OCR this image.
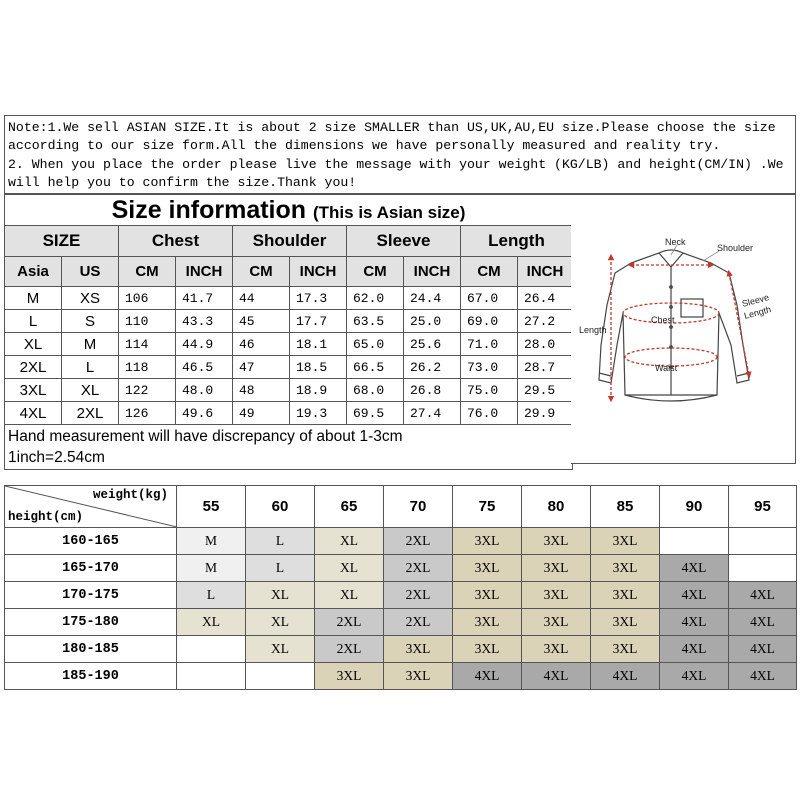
Note:1.We sell ASIAN SIZE.It is about 2 size SMALLER than US,UK,AU,EU size.Please choose the size
according to our size form.All the dimensions we have personally measured and reality try.
2. When you place the order please live the message with your weight (KG/LB) and height(CM/IN) .We
will help you to confirm the size.Thank you!
Size information (This is Asian size)									
SIZE		Chest		Shoulder		Sleeve		Length	
Asia	US	CM	INCH	CM	INCH	CM	INCH	CM	INCH
M	XS	106	41.7	44	17.3	62.0	24.4	67.0	26.4
L	S	110	43.3	45	17.7	63.5	25.0	69.0	27.2
XL	M	114	44.9	46	18.1	65.0	25.6	71.0	28.0
2XL	L	118	46.5	47	18.5	66.5	26.2	73.0	28.7
3XL	XL	122	48.0	48	18.9	68.0	26.8	75.0	29.5
4XL	2XL	126	49.6	49	19.3	69.5	27.4	76.0	29.9

Hand measurement will have discrepancy of about 1-3cm
1inch=2.54cm									
Neck
Shoulder
Sleeve
Length
Length
Chest
Waist
weight(kg)
height(cm)	55	60	65	70	75	80	85	90	95
160-165	M	L	XL	2XL	3XL	3XL	3XL		
165-170	M	L	XL	2XL	3XL	3XL	3XL	4XL	
170-175	L	XL	XL	2XL	3XL	3XL	3XL	4XL	4XL
175-180	XL	XL	2XL	2XL	3XL	3XL	3XL	4XL	4XL
180-185		XL	2XL	3XL	3XL	3XL	3XL	4XL	4XL
185-190			3XL	3XL	4XL	4XL	4XL	4XL	4XL
